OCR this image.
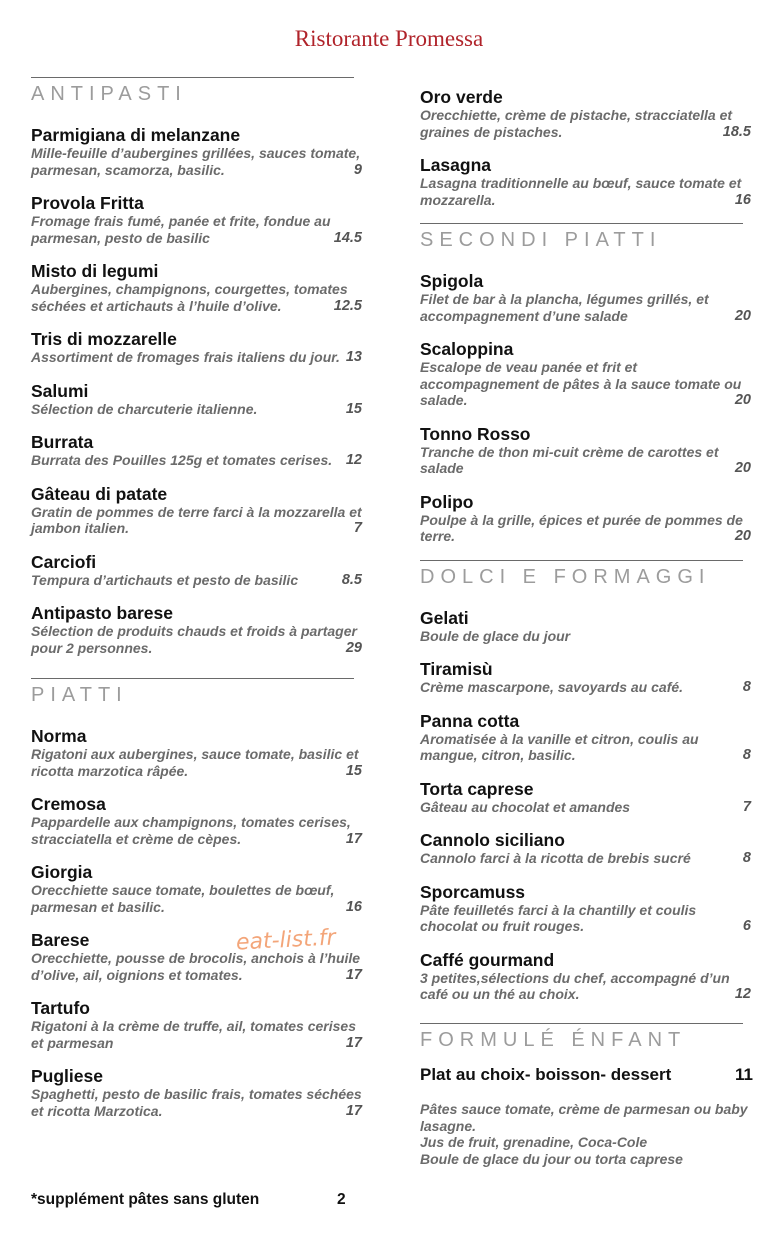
Ristorante Promessa
ANTIPASTI
Parmigiana di melanzane
Mille-feuille d’aubergines grillées, sauces tomate, parmesan, scamorza, basilic.	9
Provola Fritta
Fromage frais fumé, panée et frite, fondue au parmesan, pesto de basilic	14.5
Misto di legumi
Aubergines, champignons, courgettes, tomates séchées et artichauts à l’huile d’olive.	12.5
Tris di mozzarelle
Assortiment de fromages frais italiens du jour. 13
Salumi
Sélection de charcuterie italienne.	15
Burrata
Burrata des Pouilles 125g et tomates cerises. 12
Gâteau di patate
Gratin de pommes de terre farci à la mozzarella et jambon italien.	7
Carciofi
Tempura d’artichauts et pesto de basilic	8.5
Antipasto barese
Sélection de produits chauds et froids à partager pour 2 personnes.	29
PIATTI
Norma
Rigatoni aux aubergines, sauce tomate, basilic et ricotta marzotica râpée.	15
Cremosa
Pappardelle aux champignons, tomates cerises, stracciatella et crème de cèpes.	17
Giorgia
Orecchiette sauce tomate, boulettes de bœuf, parmesan et basilic.	16
Barese
Orecchiette, pousse de brocolis, anchois à l’huile d’olive, ail, oignions et tomates.	17
Tartufo
Rigatoni à la crème de truffe, ail, tomates cerises et parmesan	17
Pugliese
Spaghetti, pesto de basilic frais, tomates séchées et ricotta Marzotica.	17
Oro verde
Orecchiette, crème de pistache, stracciatella et graines de pistaches.	18.5
Lasagna
Lasagna traditionnelle au bœuf, sauce tomate et mozzarella.	16
SECONDI PIATTI
Spigola
Filet de bar à la plancha, légumes grillés, et accompagnement d’une salade	20
Scaloppina
Escalope de veau panée et frit et accompagnement de pâtes à la sauce tomate ou salade.	20
Tonno Rosso
Tranche de thon mi-cuit crème de carottes et salade	20
Polipo
Poulpe à la grille, épices et purée de pommes de terre.	20
DOLCI E FORMAGGI
Gelati
Boule de glace du jour
Tiramisù
Crème mascarpone, savoyards au café.	8
Panna cotta
Aromatisée à la vanille et citron, coulis au mangue, citron, basilic.	8
Torta caprese
Gâteau au chocolat et amandes	7
Cannolo siciliano
Cannolo farci à la ricotta de brebis sucré	8
Sporcamuss
Pâte feuilletés farci à la chantilly et coulis chocolat ou fruit rouges.	6
Caffé gourmand
3 petites,sélections du chef, accompagné d’un café ou un thé au choix.	12
FORMULÉ ÉNFANT
Plat au choix- boisson- dessert	11
Pâtes sauce tomate, crème de parmesan ou baby lasagne.
Jus de fruit, grenadine, Coca-Cole
Boule de glace du jour ou torta caprese
*supplément pâtes sans gluten	2
eat-list.fr
